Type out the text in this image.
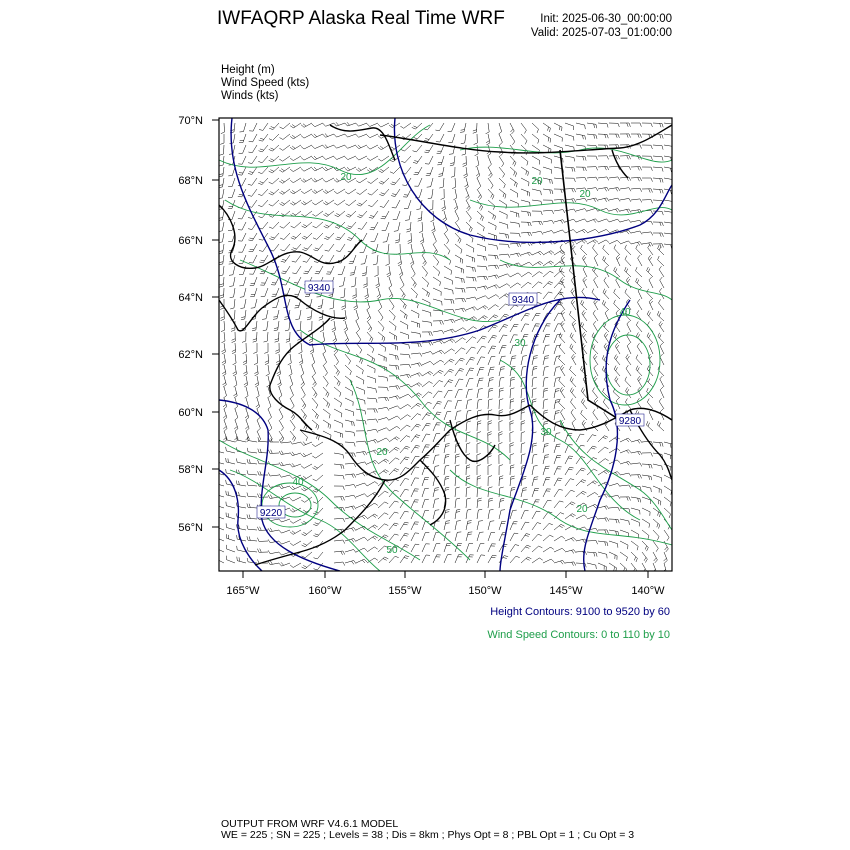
IWFAQRP Alaska Real Time WRF	Init: 2025-06-30_00:00:00
Valid: 2025-07-03_01:00:00
Height (m)
Wind Speed (kts)
Winds (kts)
9340
9340
9220
9280
20	20
20
30
40
30
20
20
40
50
70°N
68°N
66°N
64°N
62°N
60°N
58°N
56°N
165°W	160°W	155°W	150°W	145°W	140°W
Height Contours: 9100 to 9520 by 60
Wind Speed Contours: 0 to 110 by 10
OUTPUT FROM WRF V4.6.1 MODEL
WE = 225 ; SN = 225 ; Levels = 38 ; Dis = 8km ; Phys Opt = 8 ; PBL Opt = 1 ; Cu Opt = 3
